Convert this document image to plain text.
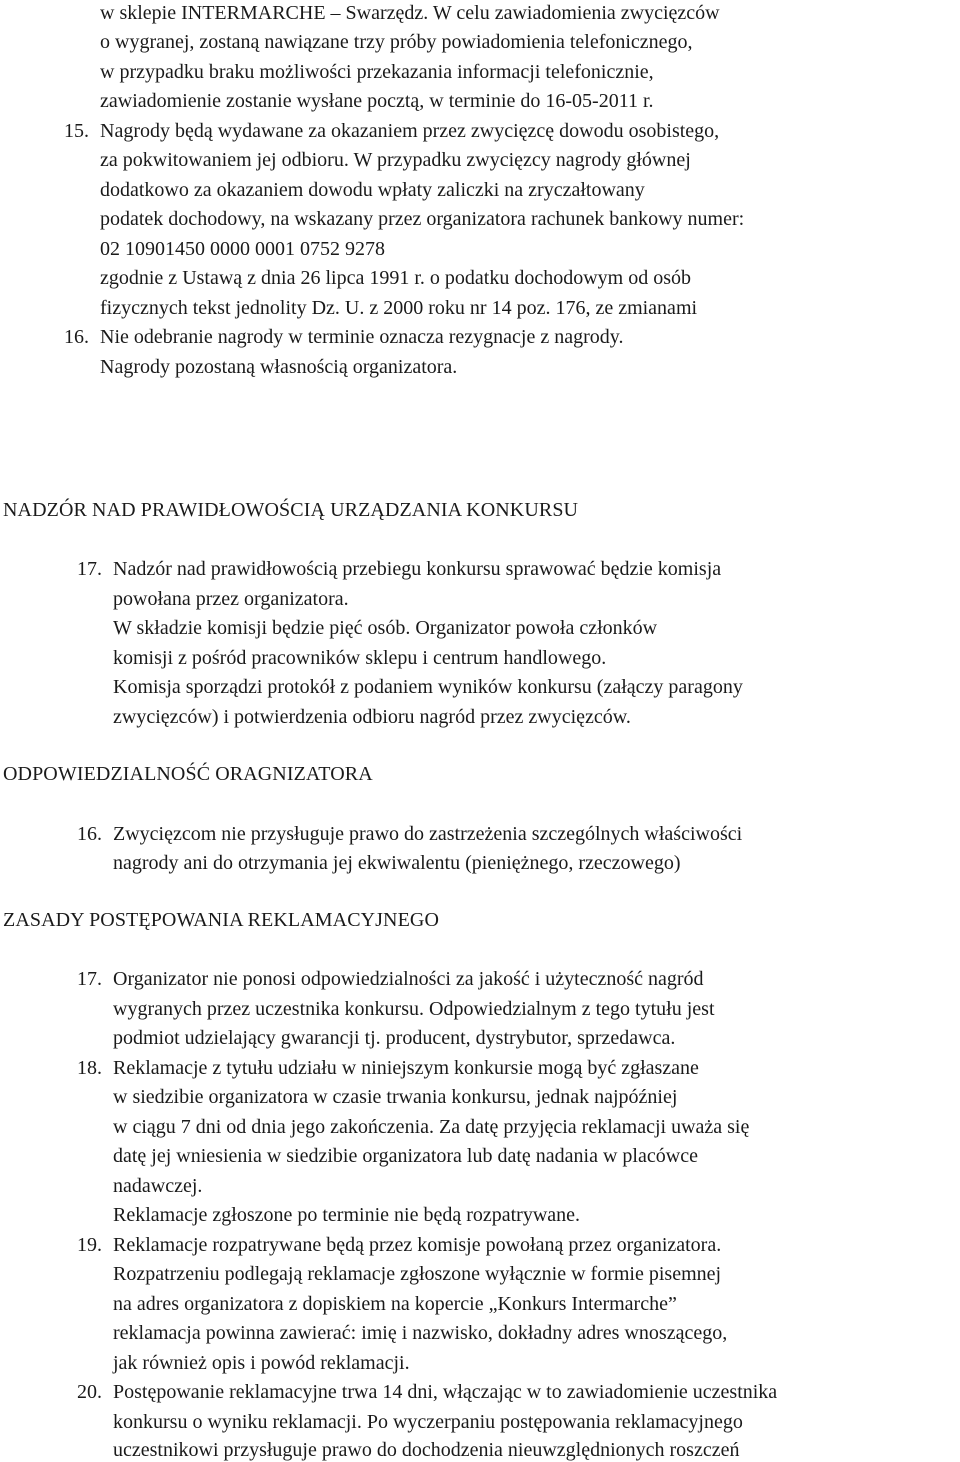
w sklepie INTERMARCHE – Swarzędz. W celu zawiadomienia zwycięzców
o wygranej, zostaną nawiązane trzy próby powiadomienia telefonicznego,
w przypadku braku możliwości przekazania informacji telefonicznie,
zawiadomienie zostanie wysłane pocztą, w terminie do 16-05-2011 r.
15. Nagrody będą wydawane za okazaniem przez zwycięzcę dowodu osobistego,
za pokwitowaniem jej odbioru. W przypadku zwycięzcy nagrody głównej
dodatkowo za okazaniem dowodu wpłaty zaliczki na zryczałtowany
podatek dochodowy, na wskazany przez organizatora rachunek bankowy numer:
02 10901450 0000 0001 0752 9278
zgodnie z Ustawą z dnia 26 lipca 1991 r. o podatku dochodowym od osób
fizycznych tekst jednolity Dz. U. z 2000 roku nr 14 poz. 176, ze zmianami
16. Nie odebranie nagrody w terminie oznacza rezygnacje z nagrody.
Nagrody pozostaną własnością organizatora.
NADZÓR NAD PRAWIDŁOWOŚCIĄ URZĄDZANIA KONKURSU
17. Nadzór nad prawidłowością przebiegu konkursu sprawować będzie komisja
powołana przez organizatora.
W składzie komisji będzie pięć osób. Organizator powoła członków
komisji z pośród pracowników sklepu i centrum handlowego.
Komisja sporządzi protokół z podaniem wyników konkursu (załączy paragony
zwycięzców) i potwierdzenia odbioru nagród przez zwycięzców.
ODPOWIEDZIALNOŚĆ ORAGNIZATORA
16. Zwycięzcom nie przysługuje prawo do zastrzeżenia szczególnych właściwości
nagrody ani do otrzymania jej ekwiwalentu (pieniężnego, rzeczowego)
ZASADY POSTĘPOWANIA REKLAMACYJNEGO
17. Organizator nie ponosi odpowiedzialności za jakość i użyteczność nagród
wygranych przez uczestnika konkursu. Odpowiedzialnym z tego tytułu jest
podmiot udzielający gwarancji tj. producent, dystrybutor, sprzedawca.
18. Reklamacje z tytułu udziału w niniejszym konkursie mogą być zgłaszane
w siedzibie organizatora w czasie trwania konkursu, jednak najpóźniej
w ciągu 7 dni od dnia jego zakończenia. Za datę przyjęcia reklamacji uważa się
datę jej wniesienia w siedzibie organizatora lub datę nadania w placówce
nadawczej.
Reklamacje zgłoszone po terminie nie będą rozpatrywane.
19. Reklamacje rozpatrywane będą przez komisje powołaną przez organizatora.
Rozpatrzeniu podlegają reklamacje zgłoszone wyłącznie w formie pisemnej
na adres organizatora z dopiskiem na kopercie „Konkurs Intermarche”
reklamacja powinna zawierać: imię i nazwisko, dokładny adres wnoszącego,
jak również opis i powód reklamacji.
20. Postępowanie reklamacyjne trwa 14 dni, włączając w to zawiadomienie uczestnika
konkursu o wyniku reklamacji. Po wyczerpaniu postępowania reklamacyjnego
uczestnikowi przysługuje prawo do dochodzenia nieuwzględnionych roszczeń
